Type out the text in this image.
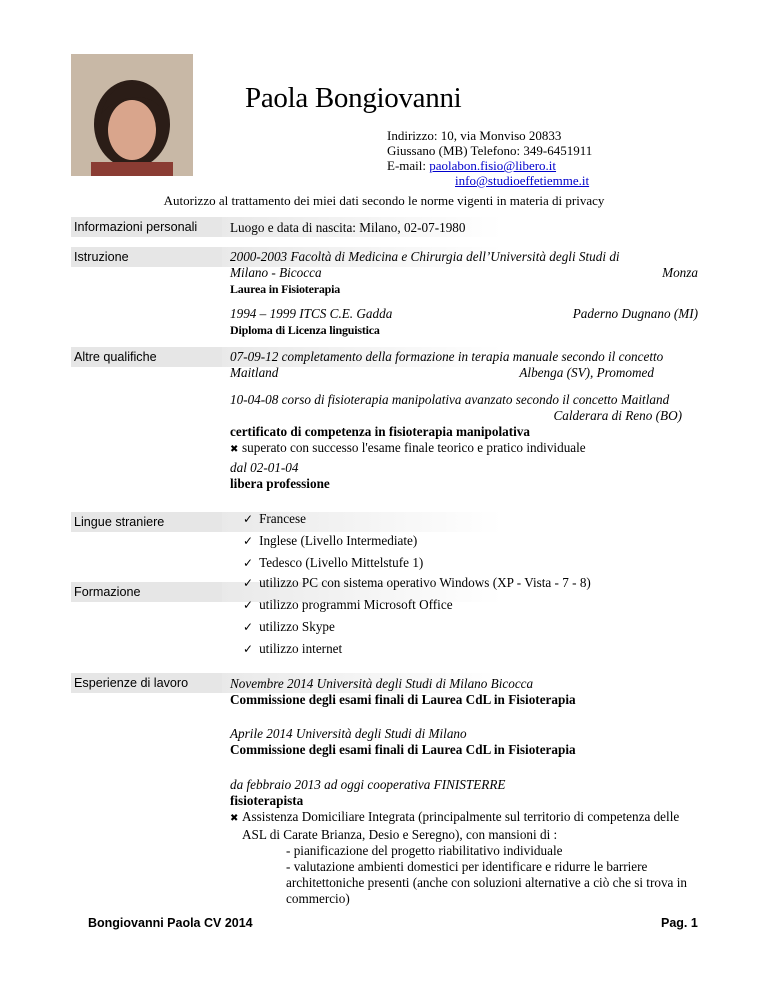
Paola Bongiovanni
Indirizzo: 10, via Monviso 20833
Giussano (MB) Telefono: 349-6451911
E-mail: paolabon.fisio@libero.it
info@studioeffetiemme.it
Autorizzo al trattamento dei miei dati secondo le norme vigenti in materia di privacy
Informazioni personali	Luogo e data di nascita: Milano, 02-07-1980
Istruzione	2000-2003 Facoltà di Medicina e Chirurgia dell’Università degli Studi di
Milano - Bicocca	Monza
Laurea in Fisioterapia
1994 – 1999 ITCS C.E. Gadda	Paderno Dugnano (MI)
Diploma di Licenza linguistica
Altre qualifiche	07-09-12 completamento della formazione in terapia manuale secondo il concetto
Maitland	Albenga (SV), Promomed
10-04-08 corso di fisioterapia manipolativa avanzato secondo il concetto Maitland
Calderara di Reno (BO)
certificato di competenza in fisioterapia manipolativa
✖ superato con successo l'esame finale teorico e pratico individuale
dal 02-01-04
libera professione
Lingue straniere
✓	Francese
✓ Inglese (Livello Intermediate)
✓ Tedesco (Livello Mittelstufe 1)
Formazione
✓ utilizzo PC con sistema operativo Windows (XP - Vista - 7 - 8)
✓ utilizzo programmi Microsoft Office
✓ utilizzo Skype
✓ utilizzo internet
Esperienze di lavoro	Novembre 2014 Università degli Studi di Milano Bicocca
Commissione degli esami finali di Laurea CdL in Fisioterapia
Aprile 2014 Università degli Studi di Milano
Commissione degli esami finali di Laurea CdL in Fisioterapia
da febbraio 2013 ad oggi cooperativa FINISTERRE
fisioterapista
✖ Assistenza Domiciliare Integrata (principalmente sul territorio di competenza delle
ASL di Carate Brianza, Desio e Seregno), con mansioni di :
- pianificazione del progetto riabilitativo individuale
- valutazione ambienti domestici per identificare e ridurre le barriere
architettoniche presenti (anche con soluzioni alternative a ciò che si trova in
commercio)
Bongiovanni Paola CV 2014	Pag. 1
